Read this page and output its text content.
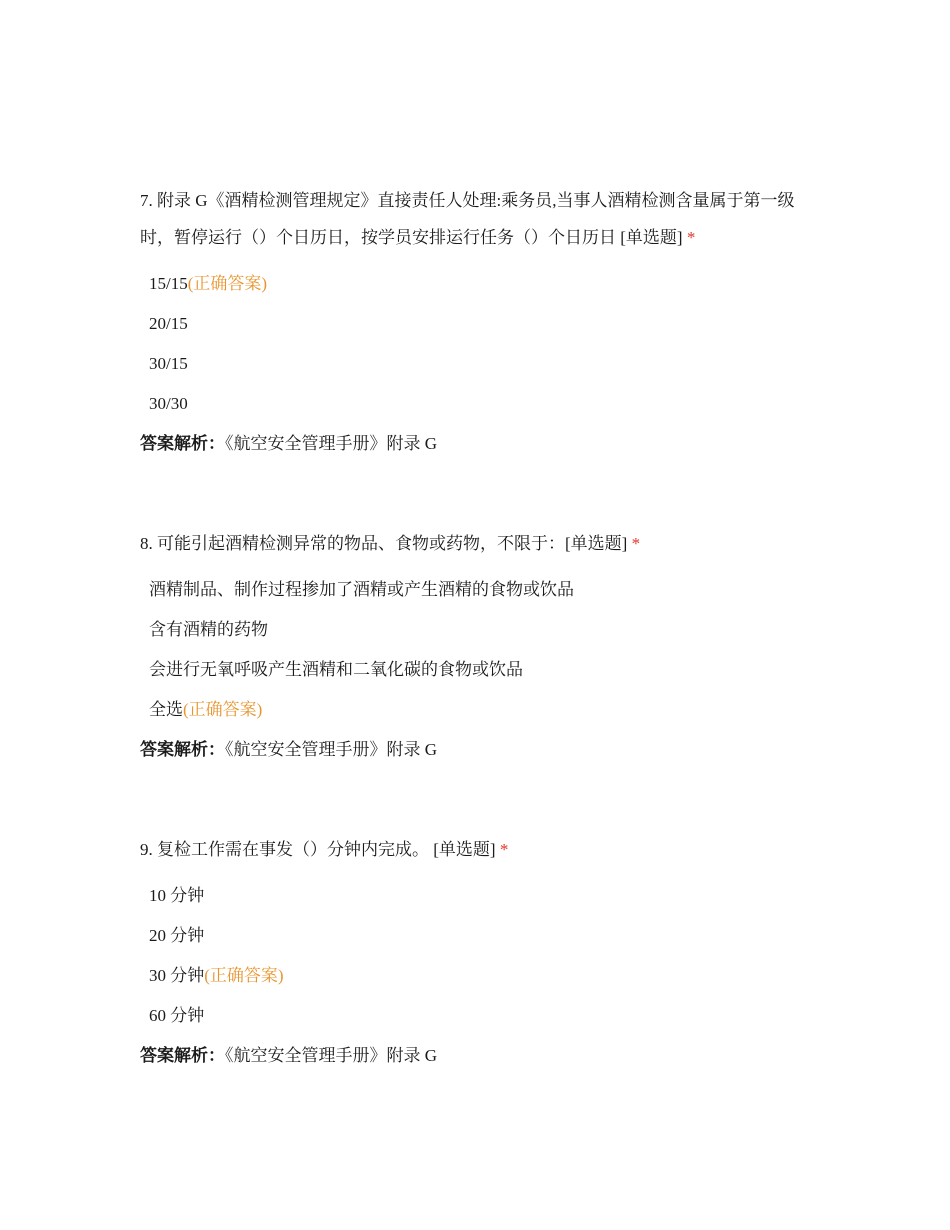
7. 附录 G《酒精检测管理规定》直接责任人处理:乘务员,当事人酒精检测含量属于第一级时，暂停运行（）个日历日，按学员安排运行任务（）个日历日 [单选题] *

15/15(正确答案)
20/15
30/15
30/30

答案解析：《航空安全管理手册》附录 G

8. 可能引起酒精检测异常的物品、食物或药物，不限于：[单选题] *

酒精制品、制作过程掺加了酒精或产生酒精的食物或饮品
含有酒精的药物
会进行无氧呼吸产生酒精和二氧化碳的食物或饮品
全选(正确答案)

答案解析：《航空安全管理手册》附录 G

9. 复检工作需在事发（）分钟内完成。 [单选题] *

10 分钟
20 分钟
30 分钟(正确答案)
60 分钟

答案解析：《航空安全管理手册》附录 G
